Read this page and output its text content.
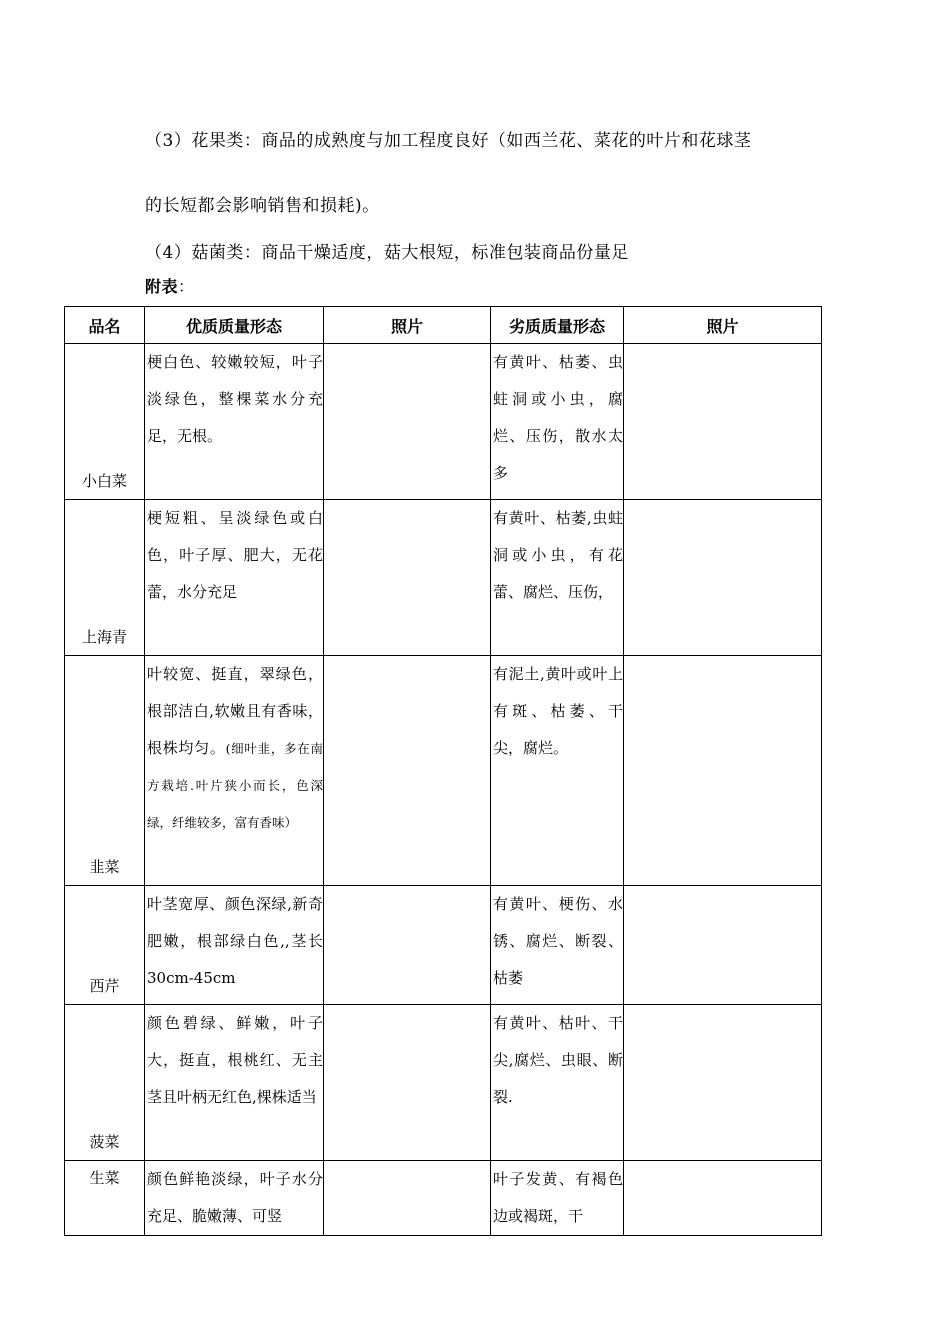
（3）花果类：商品的成熟度与加工程度良好（如西兰花、菜花的叶片和花球茎
的长短都会影响销售和损耗)。
（4）菇菌类：商品干燥适度，菇大根短，标准包装商品份量足
附表：
品名	优质质量形态	照片	劣质质量形态	照片
小白菜	梗白色、较嫩较短，叶子淡绿色，整棵菜水分充足，无根。		有黄叶、枯萎、虫蛀洞或小虫，腐烂、压伤，散水太多	
上海青	梗短粗、呈淡绿色或白色，叶子厚、肥大，无花蕾，水分充足		有黄叶、枯萎,虫蛀洞或小虫，有花蕾、腐烂、压伤，	
韭菜	叶较宽、挺直，翠绿色，根部洁白,软嫩且有香味，根株均匀。(细叶韭，多在南方栽培.叶片狭小而长，色深绿，纤维较多，富有香味）		有泥土,黄叶或叶上有斑、枯萎、干尖，腐烂。	
西芹	叶茎宽厚、颜色深绿,新奇肥嫩，根部绿白色,,茎长30cm-45cm		有黄叶、梗伤、水锈、腐烂、断裂、枯萎	
菠菜	颜色碧绿、鲜嫩，叶子大，挺直，根桃红、无主茎且叶柄无红色,棵株适当		有黄叶、枯叶、干尖,腐烂、虫眼、断裂.	
生菜	颜色鲜艳淡绿，叶子水分充足、脆嫩薄、可竖		叶子发黄、有褐色边或褐斑，干	
